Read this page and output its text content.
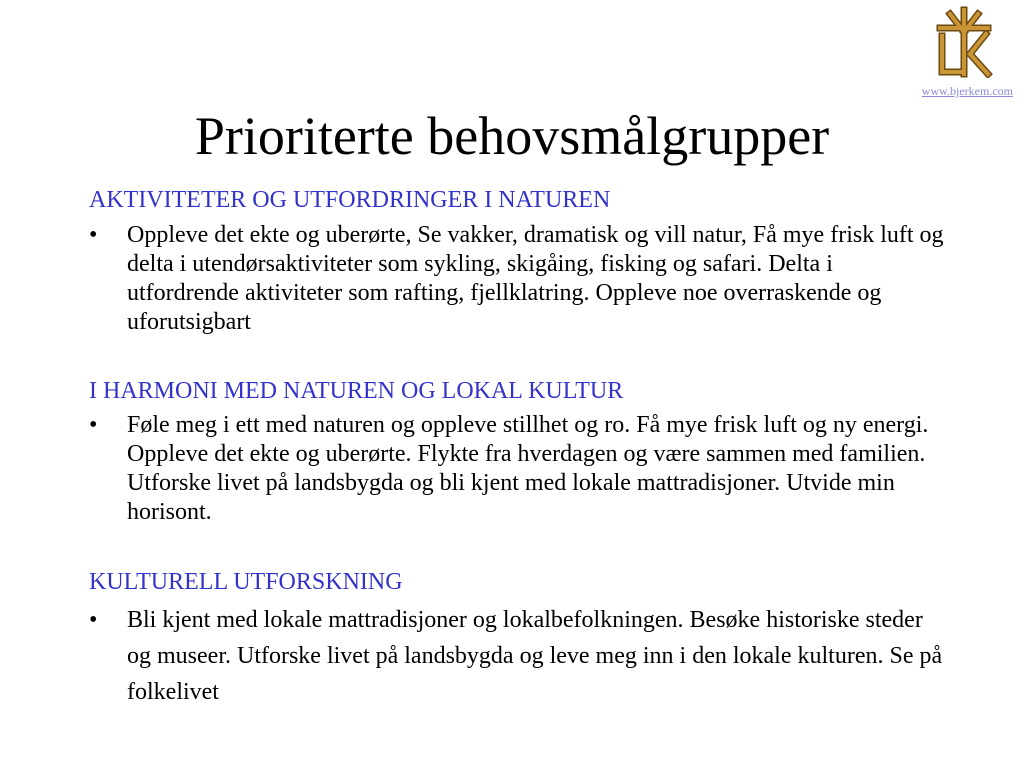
www.bjerkem.com
Prioriterte behovsmålgrupper

AKTIVITETER OG UTFORDRINGER I NATUREN

• Oppleve det ekte og uberørte, Se vakker, dramatisk og vill natur, Få mye frisk luft og delta i utendørsaktiviteter som sykling, skigåing, fisking og safari. Delta i utfordrende aktiviteter som rafting, fjellklatring. Oppleve noe overraskende og uforutsigbart

I HARMONI MED NATUREN OG LOKAL KULTUR

• Føle meg i ett med naturen og oppleve stillhet og ro. Få mye frisk luft og ny energi. Oppleve det ekte og uberørte. Flykte fra hverdagen og være sammen med familien. Utforske livet på landsbygda og bli kjent med lokale mattradisjoner. Utvide min horisont.

KULTURELL UTFORSKNING

• Bli kjent med lokale mattradisjoner og lokalbefolkningen. Besøke historiske steder og museer. Utforske livet på landsbygda og leve meg inn i den lokale kulturen. Se på folkelivet
